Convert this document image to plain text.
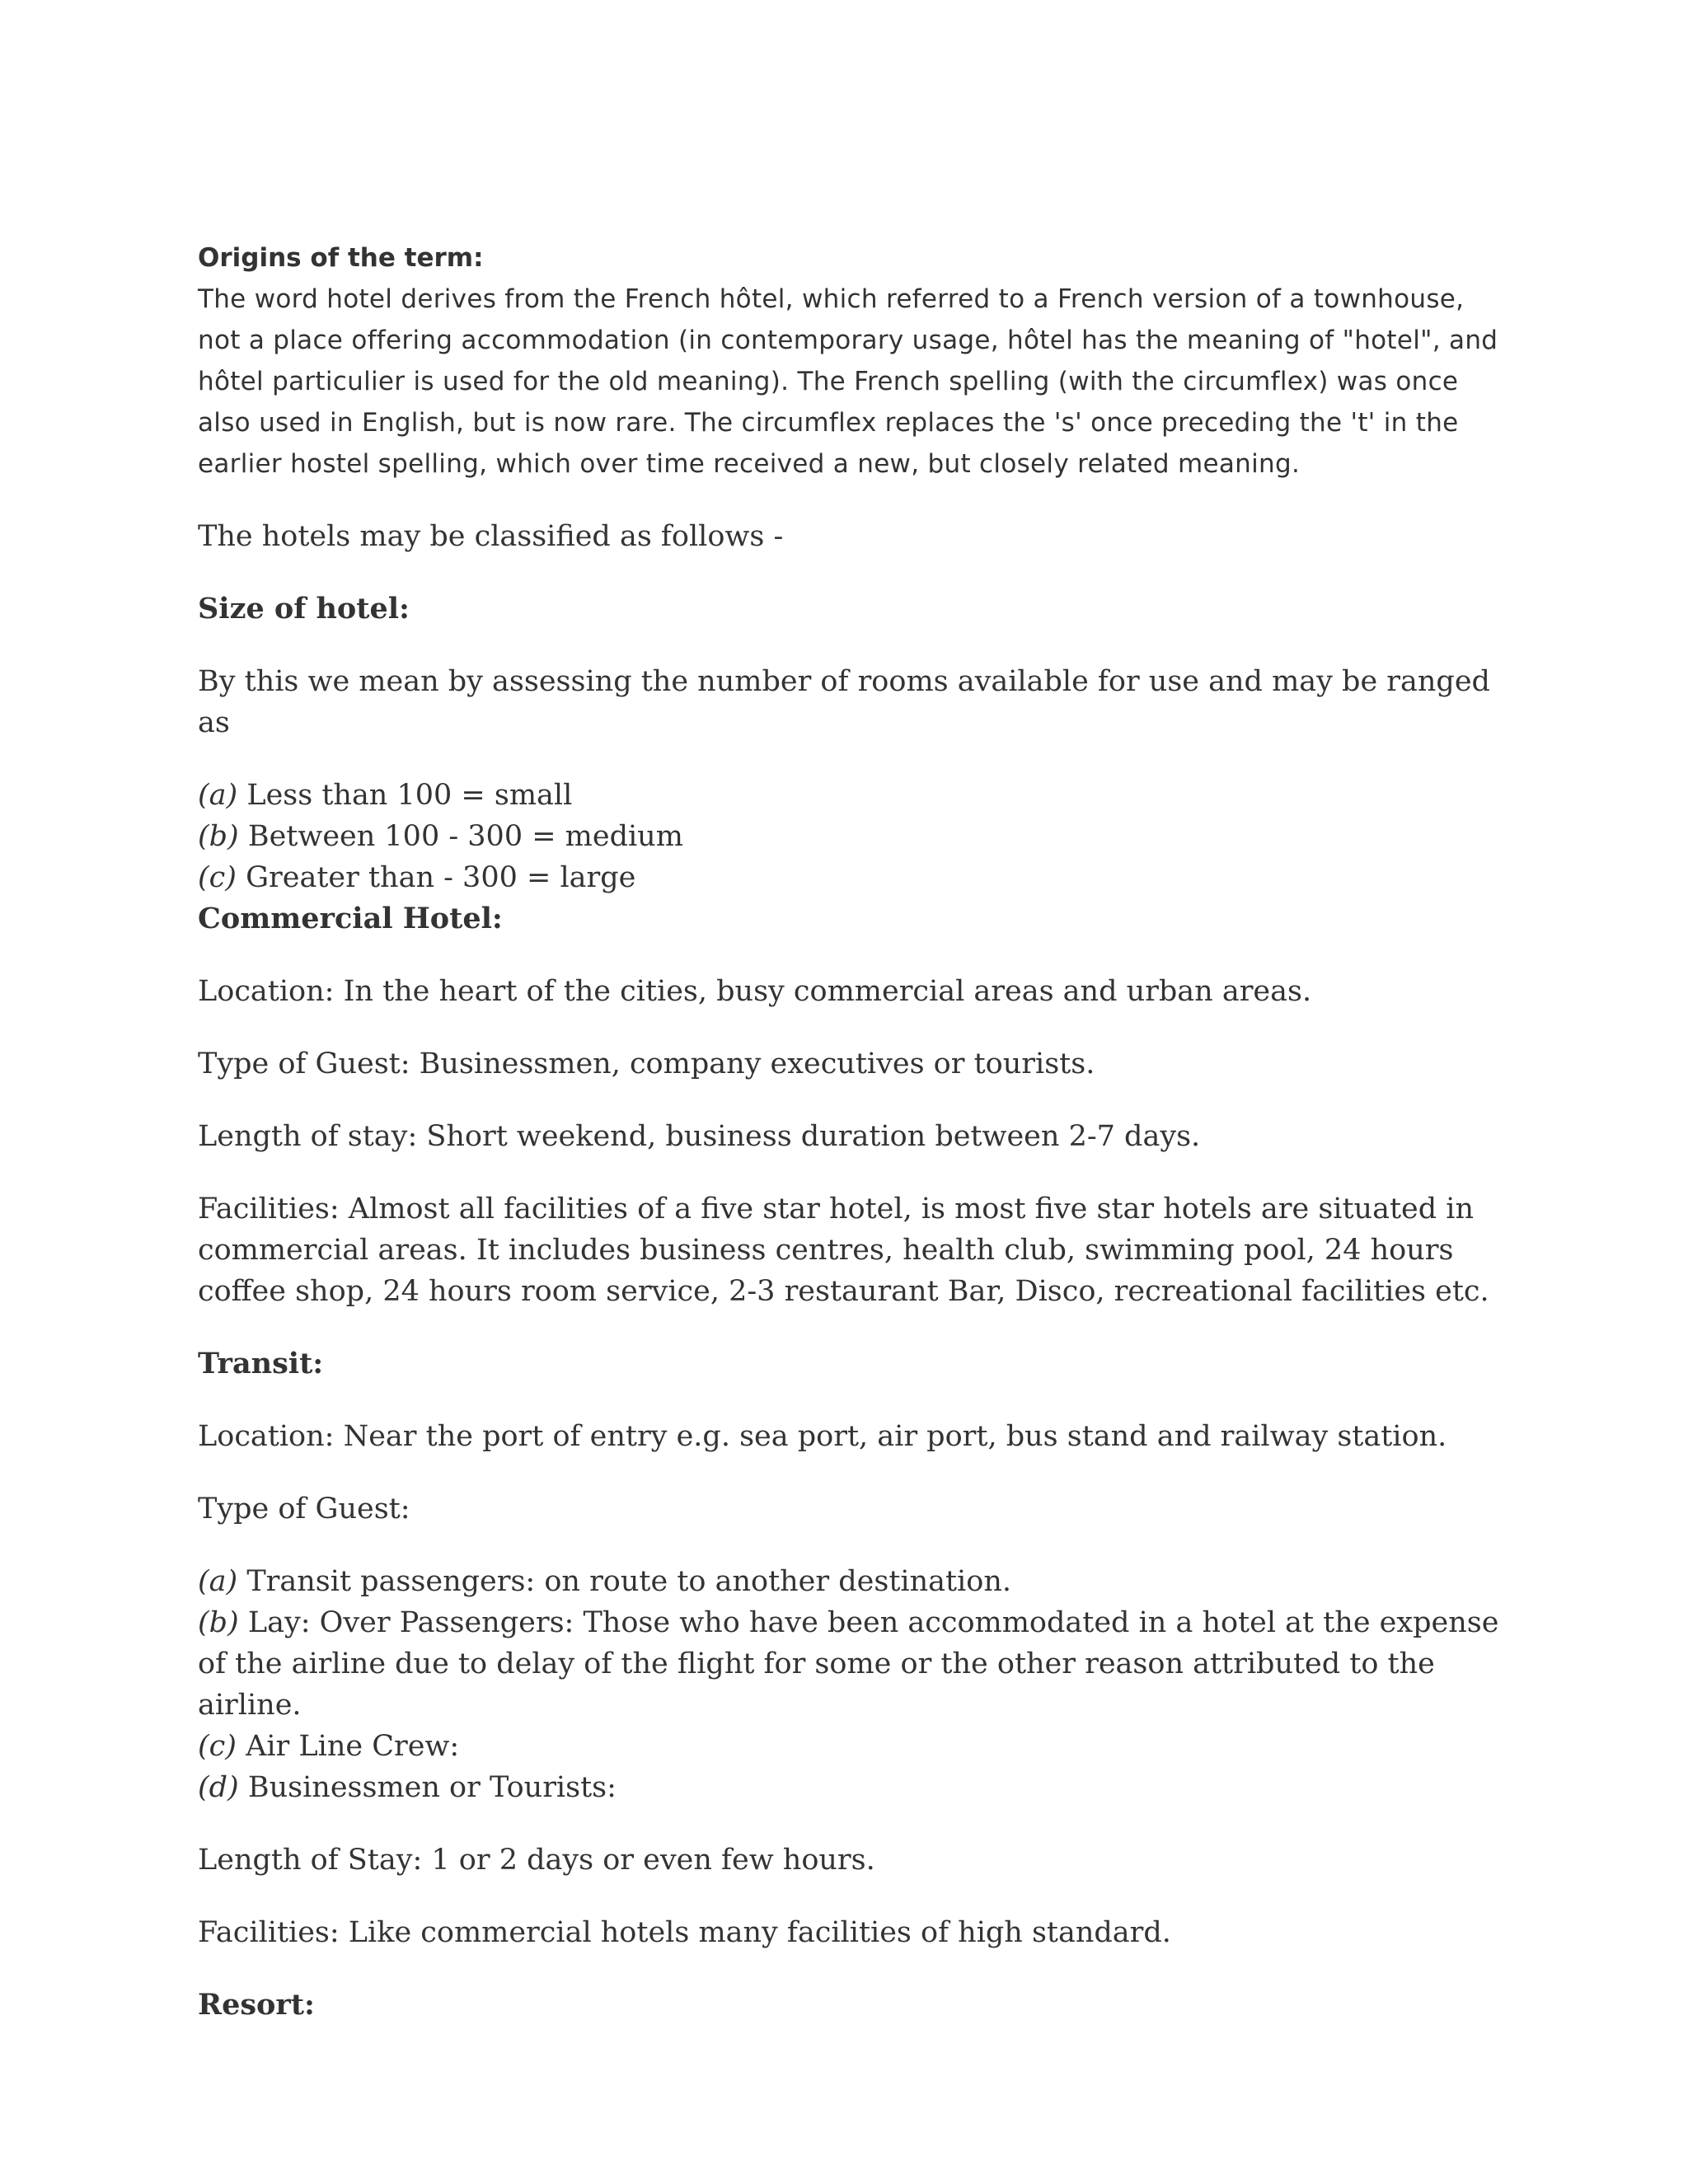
Origins of the term:

The word hotel derives from the French hôtel, which referred to a French version of a townhouse, not a place offering accommodation (in contemporary usage, hôtel has the meaning of "hotel", and hôtel particulier is used for the old meaning). The French spelling (with the circumflex) was once also used in English, but is now rare. The circumflex replaces the 's' once preceding the 't' in the earlier hostel spelling, which over time received a new, but closely related meaning.

The hotels may be classified as follows -

Size of hotel:

By this we mean by assessing the number of rooms available for use and may be ranged as

(a) Less than 100 = small

(b) Between 100 - 300 = medium

(c) Greater than - 300 = large

Commercial Hotel:

Location: In the heart of the cities, busy commercial areas and urban areas.

Type of Guest: Businessmen, company executives or tourists.

Length of stay: Short weekend, business duration between 2-7 days.

Facilities: Almost all facilities of a five star hotel, is most five star hotels are situated in commercial areas. It includes business centres, health club, swimming pool, 24 hours coffee shop, 24 hours room service, 2-3 restaurant Bar, Disco, recreational facilities etc.

Transit:

Location: Near the port of entry e.g. sea port, air port, bus stand and railway station.

Type of Guest:

(a) Transit passengers: on route to another destination.

(b) Lay: Over Passengers: Those who have been accommodated in a hotel at the expense of the airline due to delay of the flight for some or the other reason attributed to the airline.

(c) Air Line Crew:

(d) Businessmen or Tourists:

Length of Stay: 1 or 2 days or even few hours.

Facilities: Like commercial hotels many facilities of high standard.

Resort:
